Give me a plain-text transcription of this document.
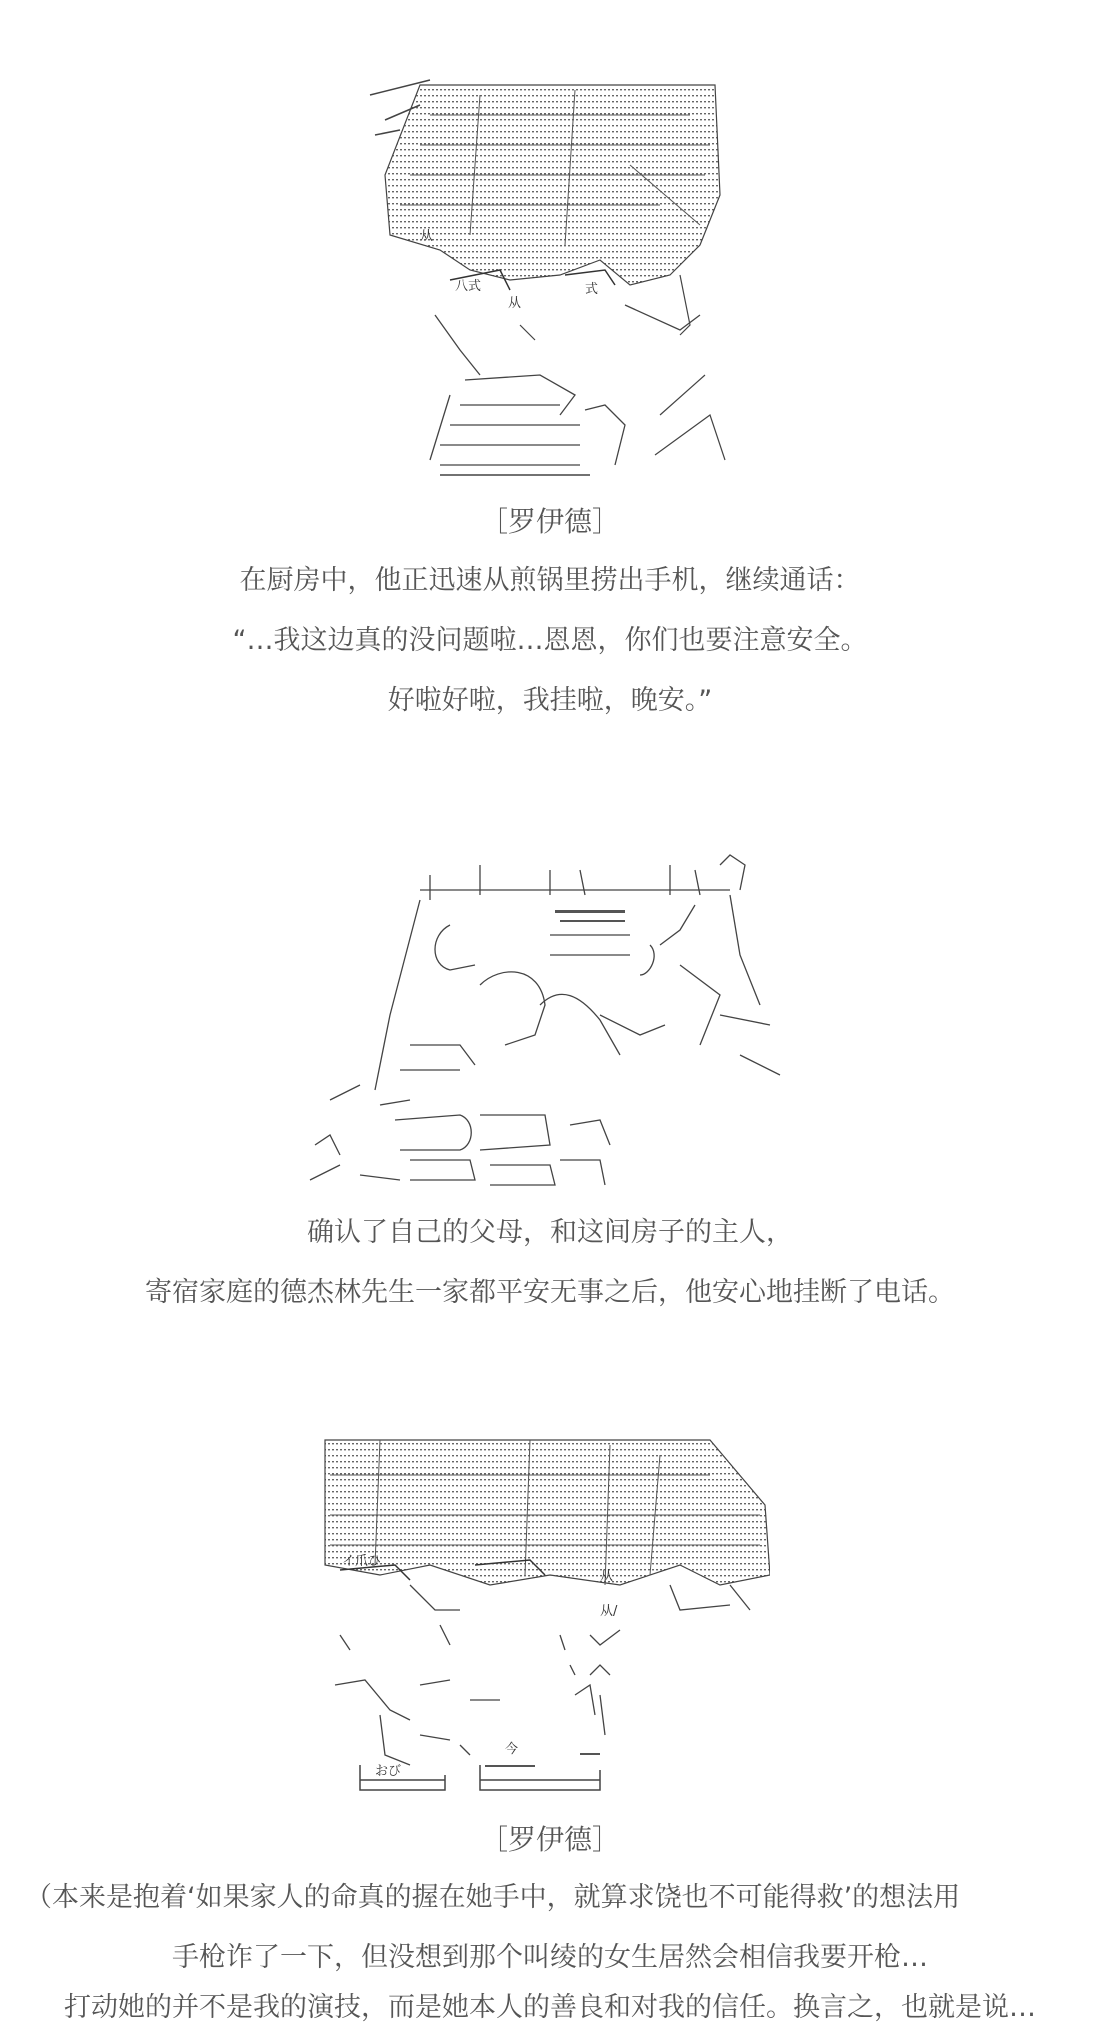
从
从
八式	式
［罗伊德］
在厨房中，他正迅速从煎锅里捞出手机，继续通话：
“…我这边真的没问题啦…恩恩，你们也要注意安全。
好啦好啦，我挂啦，晚安。”
确认了自己的父母，和这间房子的主人，
寄宿家庭的德杰林先生一家都平安无事之后，他安心地挂断了电话。
イ爪ひ
从
从/
おび
今
［罗伊德］
（本来是抱着‘如果家人的命真的握在她手中，就算求饶也不可能得救’的想法用
手枪诈了一下，但没想到那个叫绫的女生居然会相信我要开枪…
打动她的并不是我的演技，而是她本人的善良和对我的信任。换言之，也就是说…
